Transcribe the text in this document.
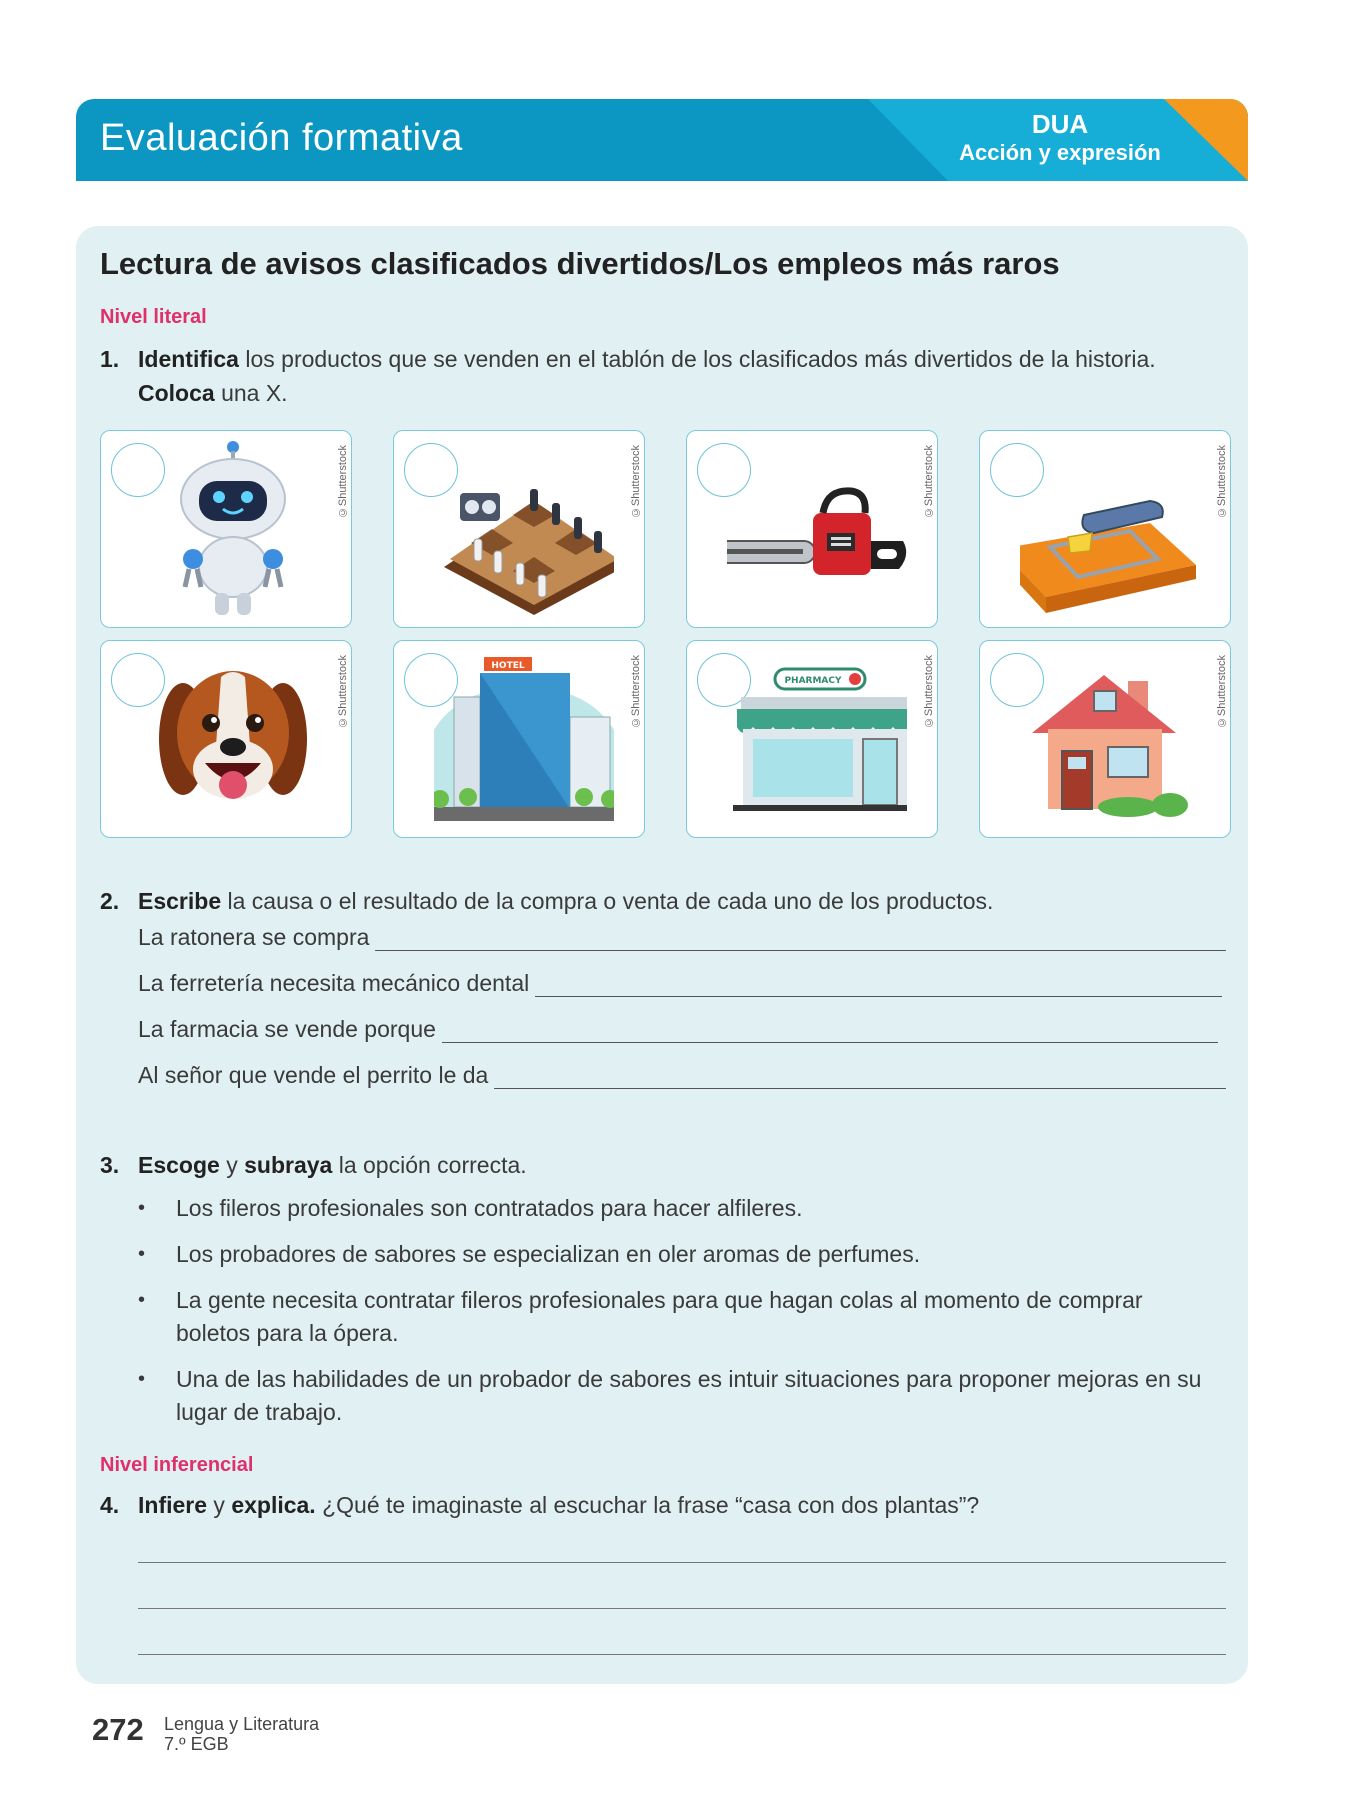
Evaluación formativa	DUA
Acción y expresión
Lectura de avisos clasificados divertidos/Los empleos más raros
Nivel literal
1. Identifica los productos que se venden en el tablón de los clasificados más divertidos de la historia.
Coloca una X.
©Shutterstock	©Shutterstock	©Shutterstock	©Shutterstock
©Shutterstock	©Shutterstock
HOTEL	©Shutterstock
PHARMACY	©Shutterstock
2. Escribe la causa o el resultado de la compra o venta de cada uno de los productos.
La ratonera se compra
La ferretería necesita mecánico dental
La farmacia se vende porque
Al señor que vende el perrito le da
3. Escoge y subraya la opción correcta.
• Los fileros profesionales son contratados para hacer alfileres.
• Los probadores de sabores se especializan en oler aromas de perfumes.
• La gente necesita contratar fileros profesionales para que hagan colas al momento de comprar boletos para la ópera.
• Una de las habilidades de un probador de sabores es intuir situaciones para proponer mejoras en su lugar de trabajo.
Nivel inferencial
4. Infiere y explica. ¿Qué te imaginaste al escuchar la frase “casa con dos plantas”?
272 Lengua y Literatura
7.º EGB
